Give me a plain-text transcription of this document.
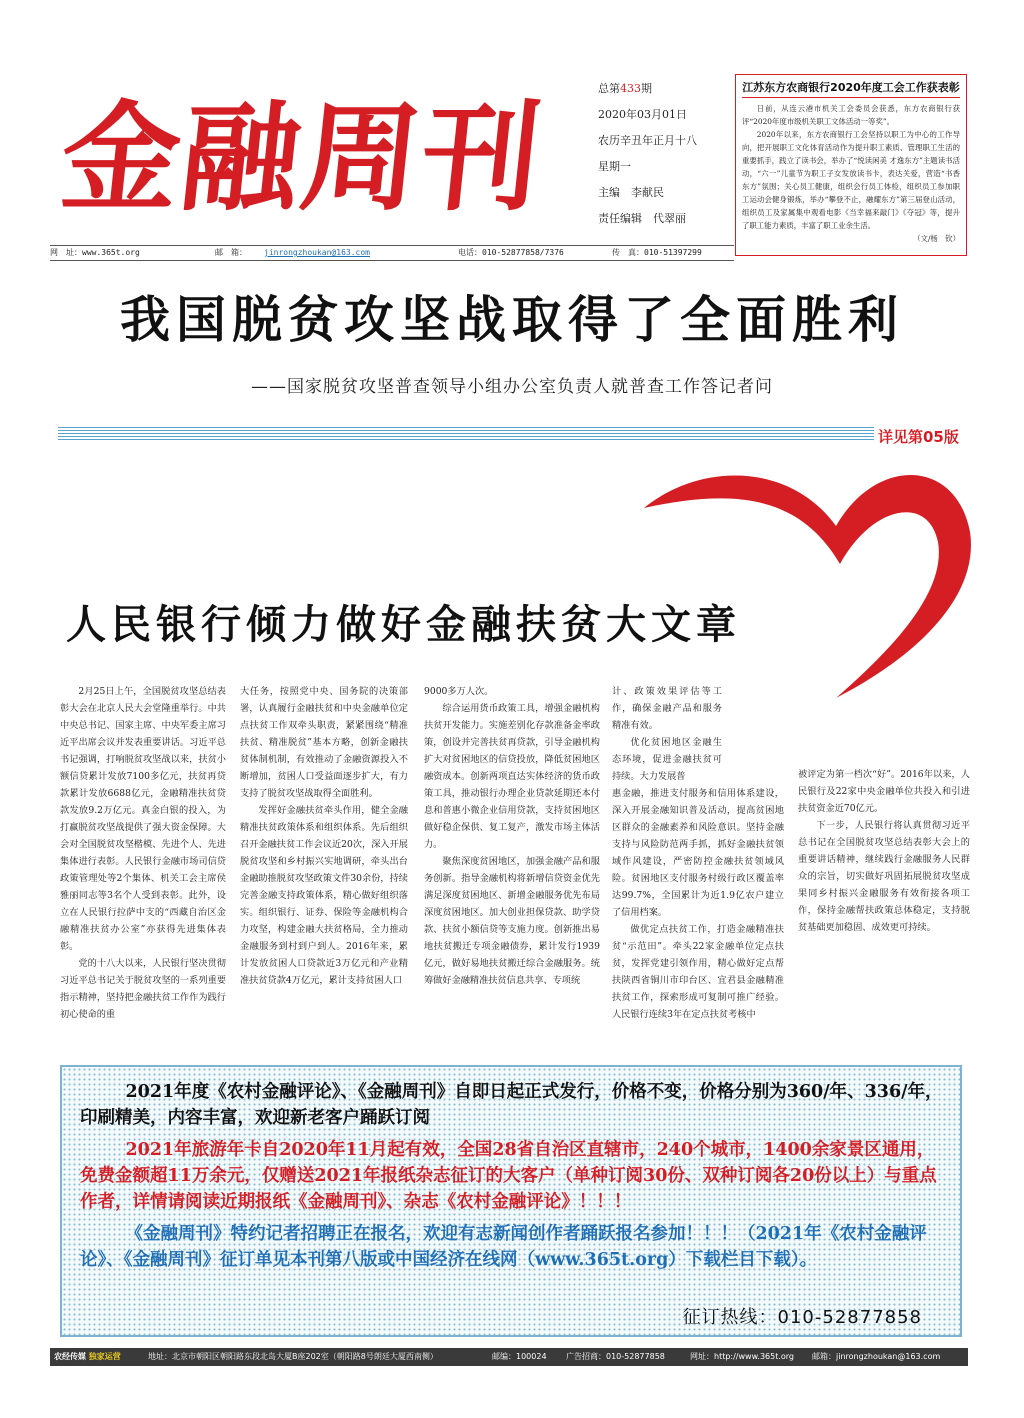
金融周刊	总第433期
2020年03月01日
农历辛丑年正月十八
星期一
主编　李献民
责任编辑　代翠丽
江苏东方农商银行2020年度工会工作获表彰

日前，从连云港市机关工会委员会获悉，东方农商银行获评“2020年度市级机关职工文体活动一等奖”。

2020年以来，东方农商银行工会坚持以职工为中心的工作导向，把开展职工文化体育活动作为提升职工素质、管理职工生活的重要抓手，践立了读书会，举办了“悦读闲美 才逸东方”主题读书活动，“六一”儿童节为职工子女发放读书卡，表达关爱，营造“书香东方”氛围；关心员工健康，组织会行员工体检，组织员工参加职工运动会健身锻炼，举办“攀登不止，融耀东方”第三届登山活动，组织员工及家属集中观看电影《当幸福来敲门》《夺冠》等，提升了职工能力素质，丰富了职工业余生活。

（文/杨　钦）

网　址：www.365t.org	邮　箱： jinrongzhoukan@163.com	电话：010-52877858/7376	传　真：010-51397299
我国脱贫攻坚战取得了全面胜利
——国家脱贫攻坚普查领导小组办公室负责人就普查工作答记者问
详见第05版
人民银行倾力做好金融扶贫大文章

2月25日上午，全国脱贫攻坚总结表彰大会在北京人民大会堂隆重举行。中共中央总书记、国家主席、中央军委主席习近平出席会议并发表重要讲话。习近平总书记强调，打响脱贫攻坚战以来，扶贫小额信贷累计发放7100多亿元，扶贫再贷款累计发放6688亿元，金融精准扶贫贷款发放9.2万亿元。真金白银的投入，为打赢脱贫攻坚战提供了强大资金保障。大会对全国脱贫攻坚楷模、先进个人、先进集体进行表彰。人民银行金融市场司信贷政策管理处等2个集体、机关工会主席侯雅丽同志等3名个人受到表彰。此外，设立在人民银行拉萨中支的“西藏自治区金融精准扶贫办公室”亦获得先进集体表彰。

党的十八大以来，人民银行坚决贯彻习近平总书记关于脱贫攻坚的一系列重要指示精神，坚持把金融扶贫工作作为践行初心使命的重

大任务，按照党中央、国务院的决策部署，认真履行金融扶贫和中央金融单位定点扶贫工作双牵头职责，紧紧围绕“精准扶贫、精准脱贫”基本方略，创新金融扶贫体制机制，有效推动了金融资源投入不断增加，贫困人口受益面逐步扩大，有力支持了脱贫攻坚战取得全面胜利。

发挥好金融扶贫牵头作用，健全金融精准扶贫政策体系和组织体系。先后组织召开金融扶贫工作会议近20次，深入开展脱贫攻坚和乡村振兴实地调研，牵头出台金融助推脱贫攻坚政策文件30余份，持续完善金融支持政策体系，精心做好组织落实。组织银行、证券、保险等金融机构合力攻坚，构建金融大扶贫格局，全力推动金融服务到村到户到人。2016年来，累计发放贫困人口贷款近3万亿元和产业精准扶贫贷款4万亿元，累计支持贫困人口

9000多万人次。

综合运用货币政策工具，增强金融机构扶贫开发能力。实施差别化存款准备金率政策，创设并完善扶贫再贷款，引导金融机构扩大对贫困地区的信贷投放，降低贫困地区融资成本。创新两项直达实体经济的货币政策工具，推动银行办理企业贷款延期还本付息和普惠小微企业信用贷款，支持贫困地区做好稳企保供、复工复产，激发市场主体活力。

聚焦深度贫困地区，加强金融产品和服务创新。指导金融机构将新增信贷资金优先满足深度贫困地区、新增金融服务优先布局深度贫困地区。加大创业担保贷款、助学贷款、扶贫小额信贷等支施力度。创新推出易地扶贫搬迁专项金融债券，累计发行1939亿元，做好易地扶贫搬迁综合金融服务。统筹做好金融精准扶贫信息共享、专项统

计、政策效果评估等工作，确保金融产品和服务精准有效。

优化贫困地区金融生态环境，促进金融扶贫可持续。大力发展普

惠金融，推进支付服务和信用体系建设，深入开展金融知识普及活动，提高贫困地区群众的金融素养和风险意识。坚持金融支持与风险防范两手抓，抓好金融扶贫领域作风建设，严密防控金融扶贫领域风险。贫困地区支付服务村级行政区覆盖率达99.7%，全国累计为近1.9亿农户建立了信用档案。

做优定点扶贫工作，打造金融精准扶贫“示范田”。牵头22家金融单位定点扶贫，发挥党建引领作用，精心做好定点帮扶陕西省铜川市印台区、宜君县金融精准扶贫工作，探索形成可复制可推广经验。人民银行连续3年在定点扶贫考核中

被评定为第一档次“好”。2016年以来，人民银行及22家中央金融单位共投入和引进扶贫资金近70亿元。

下一步，人民银行将认真贯彻习近平总书记在全国脱贫攻坚总结表彰大会上的重要讲话精神，继续践行金融服务人民群众的宗旨，切实做好巩固拓展脱贫攻坚成果同乡村振兴金融服务有效衔接各项工作，保持金融帮扶政策总体稳定，支持脱贫基础更加稳固、成效更可持续。

2021年度《农村金融评论》、《金融周刊》自即日起正式发行，价格不变，价格分别为360/年、336/年，印刷精美，内容丰富，欢迎新老客户踊跃订阅

2021年旅游年卡自2020年11月起有效，全国28省自治区直辖市，240个城市，1400余家景区通用，免费金额超11万余元，仅赠送2021年报纸杂志征订的大客户（单种订阅30份、双种订阅各20份以上）与重点作者，详情请阅读近期报纸《金融周刊》、杂志《农村金融评论》！！！

《金融周刊》特约记者招聘正在报名，欢迎有志新闻创作者踊跃报名参加！！！（2021年《农村金融评论》、《金融周刊》征订单见本刊第八版或中国经济在线网（www.365t.org）下载栏目下载）。

征订热线：010-52877858
农经传媒 独家运营	地址：北京市朝阳区朝阳路东段北岛大厦B座202室（朝阳路8号朗廷大厦西南侧）	邮编：100024 广告招商：010-52877858	网址：http://www.365t.org 邮箱：jinrongzhoukan@163.com
